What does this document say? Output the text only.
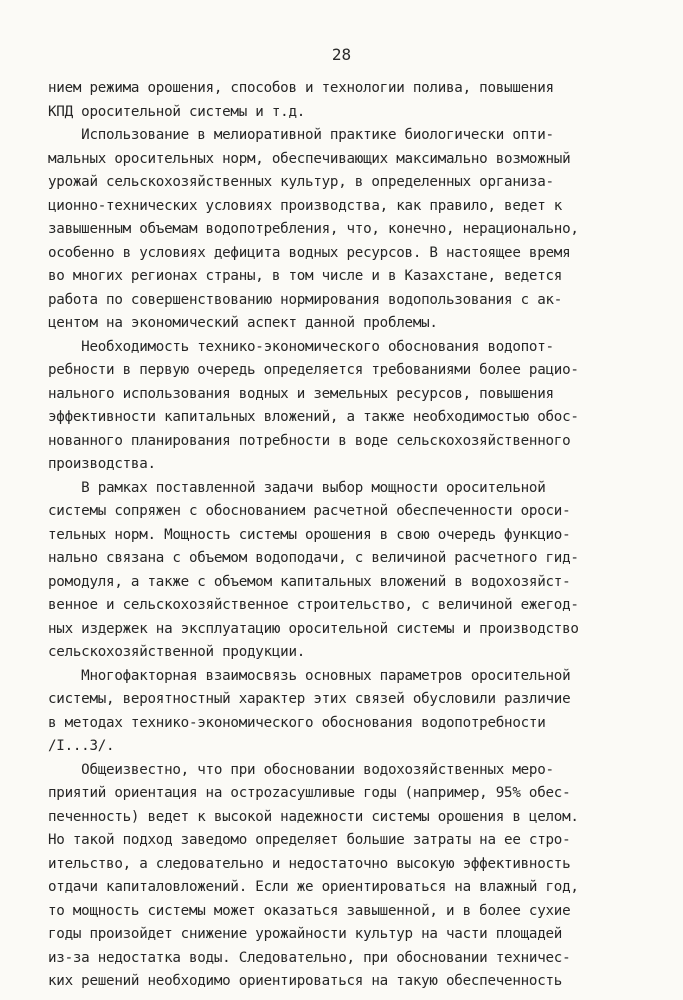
28
нием режима орошения, способов и технологии полива, повышения
КПД оросительной системы и т.д.
Использование в мелиоративной практике биологически опти-
мальных оросительных норм, обеспечивающих максимально возможный
урожай сельскохозяйственных культур, в определенных организа-
ционно-технических условиях производства, как правило, ведет к
завышенным объемам водопотребления, что, конечно, нерационально,
особенно в условиях дефицита водных ресурсов. В настоящее время
во многих регионах страны, в том числе и в Казахстане, ведется
работа по совершенствованию нормирования водопользования с ак-
центом на экономический аспект данной проблемы.
Необходимость технико-экономического обоснования водопот-
ребности в первую очередь определяется требованиями более рацио-
нального использования водных и земельных ресурсов, повышения
эффективности капитальных вложений, а также необходимостью обос-
нованного планирования потребности в воде сельскохозяйственного
производства.
В рамках поставленной задачи выбор мощности оросительной
системы сопряжен с обоснованием расчетной обеспеченности ороси-
тельных норм. Мощность системы орошения в свою очередь функцио-
нально связана с объемом водоподачи, с величиной расчетного гид-
ромодуля, а также с объемом капитальных вложений в водохозяйст-
венное и сельскохозяйственное строительство, с величиной ежегод-
ных издержек на эксплуатацию оросительной системы и производство
сельскохозяйственной продукции.
Многофакторная взаимосвязь основных параметров оросительной
системы, вероятностный характер этих связей обусловили различие
в методах технико-экономического обоснования водопотребности
/I...3/.
Общеизвестно, что при обосновании водохозяйственных меро-
приятий ориентация на остроzасушливые годы (например, 95% обес-
печенность) ведет к высокой надежности системы орошения в целом.
Но такой подход заведомо определяет большие затраты на ее стро-
ительство, а следовательно и недостаточно высокую эффективность
отдачи капиталовложений. Если же ориентироваться на влажный год,
то мощность системы может оказаться завышенной, и в более сухие
годы произойдет снижение урожайности культур на части площадей
из-за недостатка воды. Следовательно, при обосновании техничес-
ких решений необходимо ориентироваться на такую обеспеченность
